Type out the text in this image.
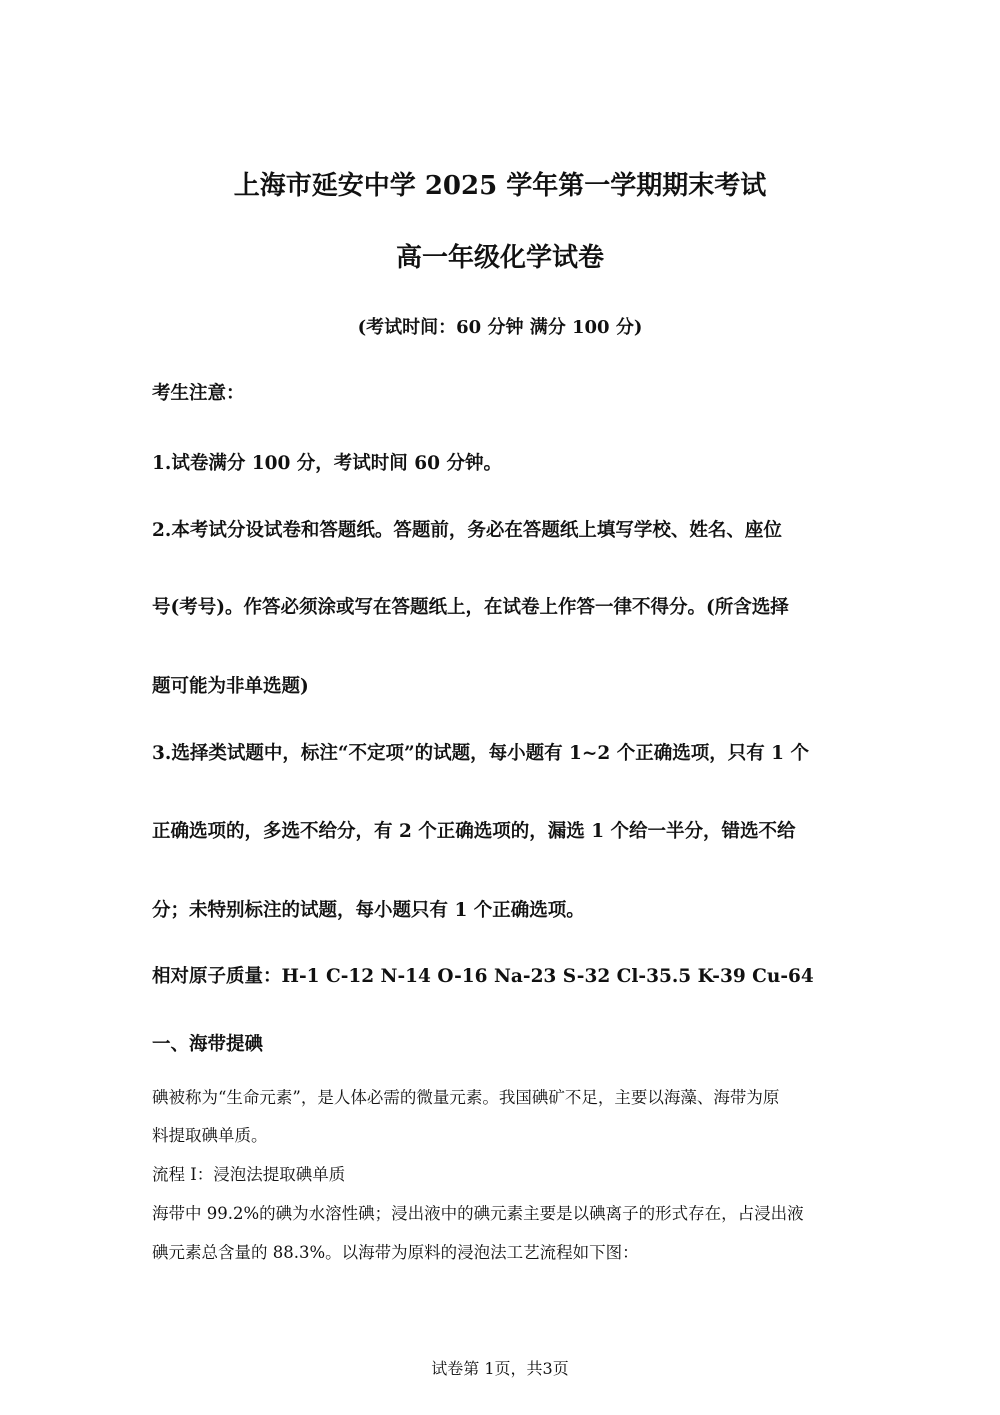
上海市延安中学 2025 学年第一学期期末考试
高一年级化学试卷
(考试时间：60 分钟 满分 100 分)
考生注意：
1.试卷满分 100 分，考试时间 60 分钟。
2.本考试分设试卷和答题纸。答题前，务必在答题纸上填写学校、姓名、座位
号(考号)。作答必须涂或写在答题纸上，在试卷上作答一律不得分。(所含选择
题可能为非单选题)
3.选择类试题中，标注“不定项”的试题，每小题有 1~2 个正确选项，只有 1 个
正确选项的，多选不给分，有 2 个正确选项的，漏选 1 个给一半分，错选不给
分；未特别标注的试题，每小题只有 1 个正确选项。
相对原子质量：H-1 C-12 N-14 O-16 Na-23 S-32 Cl-35.5 K-39 Cu-64
一、海带提碘
碘被称为“生命元素”，是人体必需的微量元素。我国碘矿不足，主要以海藻、海带为原
料提取碘单质。
流程 I：浸泡法提取碘单质
海带中 99.2%的碘为水溶性碘；浸出液中的碘元素主要是以碘离子的形式存在，占浸出液
碘元素总含量的 88.3%。以海带为原料的浸泡法工艺流程如下图：
试卷第 1页，共3页
